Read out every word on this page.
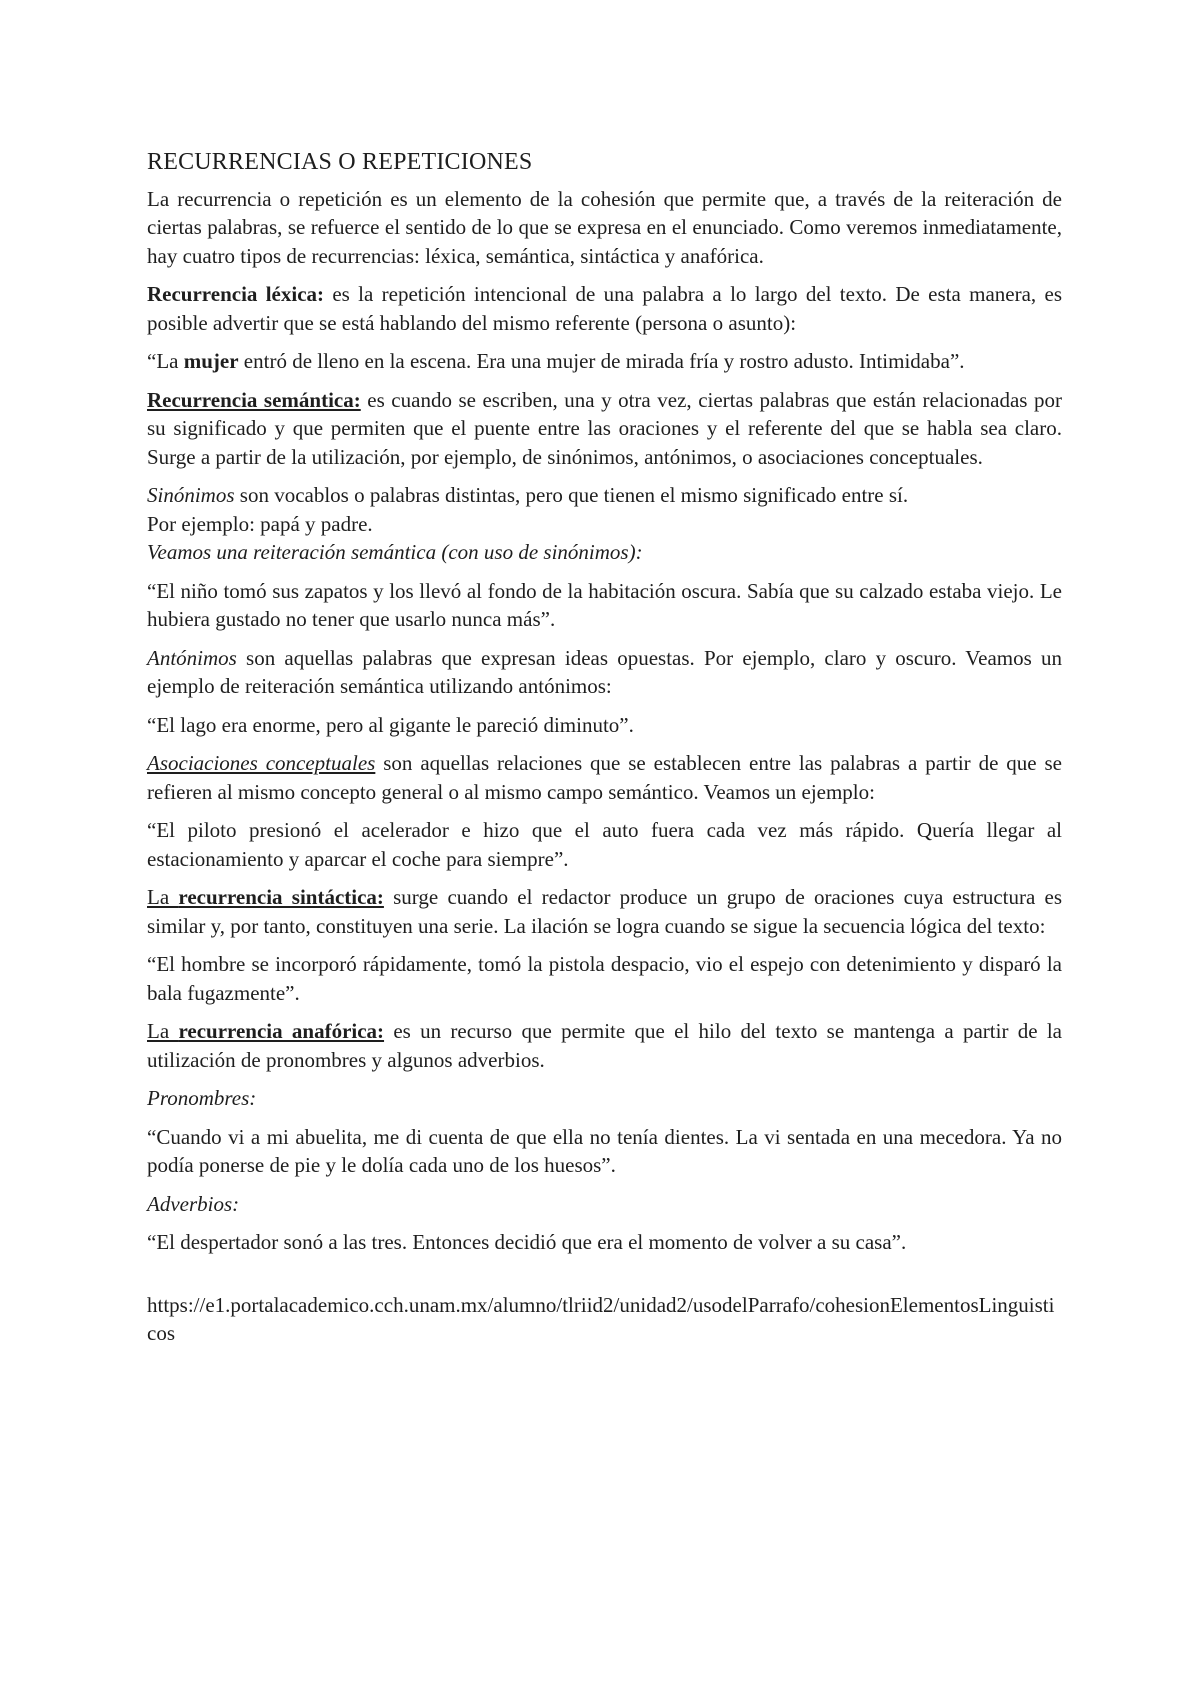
RECURRENCIAS O REPETICIONES

La recurrencia o repetición es un elemento de la cohesión que permite que, a través de la reiteración de ciertas palabras, se refuerce el sentido de lo que se expresa en el enunciado. Como veremos inmediatamente, hay cuatro tipos de recurrencias: léxica, semántica, sintáctica y anafórica.

Recurrencia léxica: es la repetición intencional de una palabra a lo largo del texto. De esta manera, es posible advertir que se está hablando del mismo referente (persona o asunto):

“La mujer entró de lleno en la escena. Era una mujer de mirada fría y rostro adusto. Intimidaba”.

Recurrencia semántica: es cuando se escriben, una y otra vez, ciertas palabras que están relacionadas por su significado y que permiten que el puente entre las oraciones y el referente del que se habla sea claro. Surge a partir de la utilización, por ejemplo, de sinónimos, antónimos, o asociaciones conceptuales.

Sinónimos son vocablos o palabras distintas, pero que tienen el mismo significado entre sí.
Por ejemplo: papá y padre.
Veamos una reiteración semántica (con uso de sinónimos):

“El niño tomó sus zapatos y los llevó al fondo de la habitación oscura. Sabía que su calzado estaba viejo. Le hubiera gustado no tener que usarlo nunca más”.

Antónimos son aquellas palabras que expresan ideas opuestas. Por ejemplo, claro y oscuro. Veamos un ejemplo de reiteración semántica utilizando antónimos:

“El lago era enorme, pero al gigante le pareció diminuto”.

Asociaciones conceptuales son aquellas relaciones que se establecen entre las palabras a partir de que se refieren al mismo concepto general o al mismo campo semántico. Veamos un ejemplo:

“El piloto presionó el acelerador e hizo que el auto fuera cada vez más rápido. Quería llegar al estacionamiento y aparcar el coche para siempre”.

La recurrencia sintáctica: surge cuando el redactor produce un grupo de oraciones cuya estructura es similar y, por tanto, constituyen una serie. La ilación se logra cuando se sigue la secuencia lógica del texto:

“El hombre se incorporó rápidamente, tomó la pistola despacio, vio el espejo con detenimiento y disparó la bala fugazmente”.

La recurrencia anafórica: es un recurso que permite que el hilo del texto se mantenga a partir de la utilización de pronombres y algunos adverbios.

Pronombres:

“Cuando vi a mi abuelita, me di cuenta de que ella no tenía dientes. La vi sentada en una mecedora. Ya no podía ponerse de pie y le dolía cada uno de los huesos”.

Adverbios:

“El despertador sonó a las tres. Entonces decidió que era el momento de volver a su casa”.

https://e1.portalacademico.cch.unam.mx/alumno/tlriid2/unidad2/usodelParrafo/cohesionElementosLinguisticos
